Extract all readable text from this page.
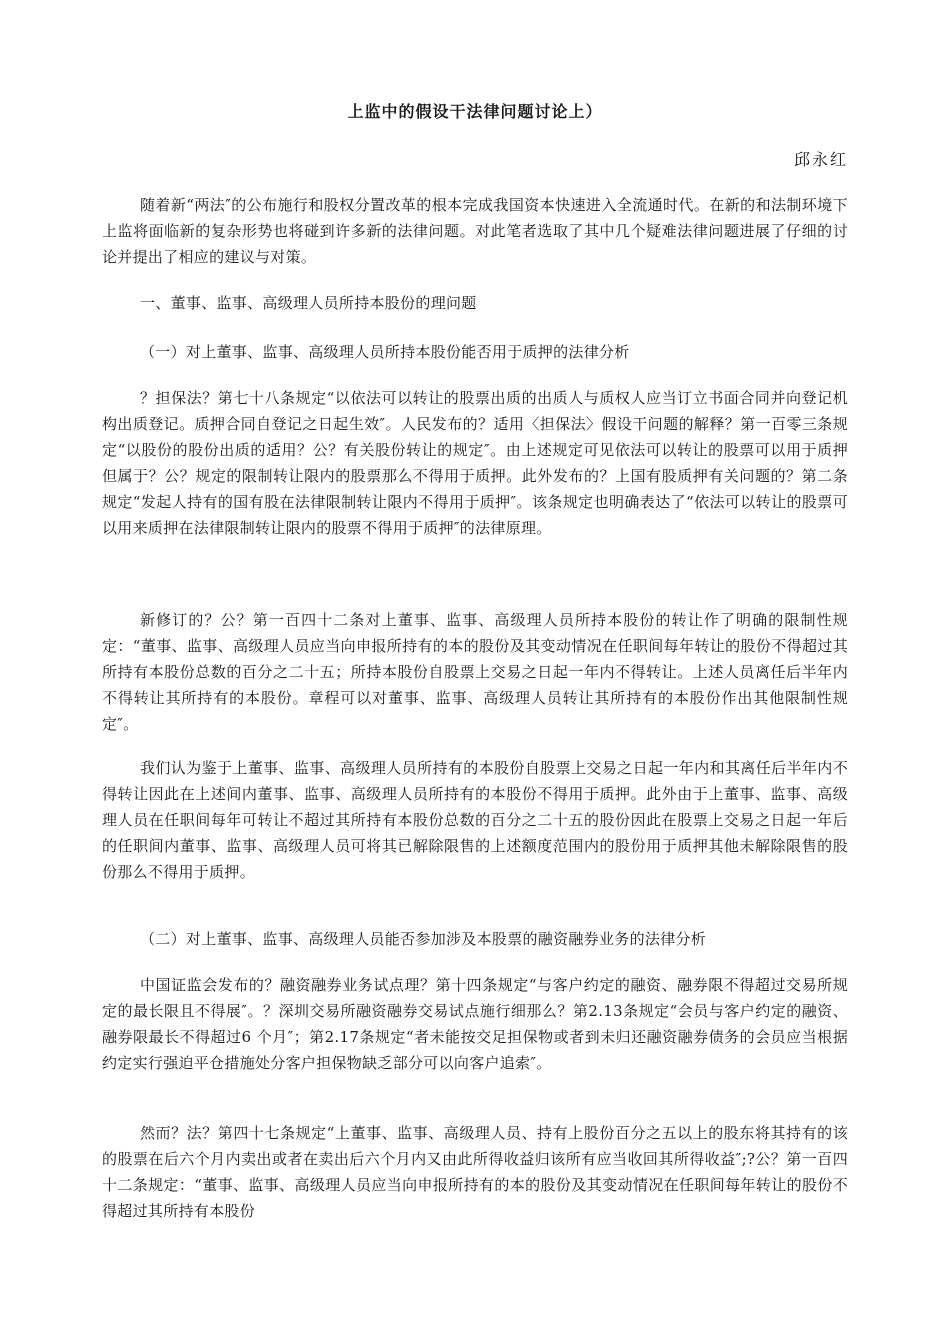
上监中的假设干法律问题讨论上）

邱永红

随着新“两法″的公布施行和股权分置改革的根本完成我国资本快速进入全流通时代。在新的和法制环境下上监将面临新的复杂形势也将碰到许多新的法律问题。对此笔者选取了其中几个疑难法律问题进展了仔细的讨论并提出了相应的建议与对策。

一、董事、监事、高级理人员所持本股份的理问题

（一）对上董事、监事、高级理人员所持本股份能否用于质押的法律分析

？担保法？第七十八条规定“以依法可以转让的股票出质的出质人与质权人应当订立书面合同并向登记机构出质登记。质押合同自登记之日起生效″。人民发布的？适用〈担保法〉假设干问题的解释？第一百零三条规定“以股份的股份出质的适用？公？有关股份转让的规定″。由上述规定可见依法可以转让的股票可以用于质押但属于？公？规定的限制转让限内的股票那么不得用于质押。此外发布的？上国有股质押有关问题的？第二条规定“发起人持有的国有股在法律限制转让限内不得用于质押″。该条规定也明确表达了“依法可以转让的股票可以用来质押在法律限制转让限内的股票不得用于质押″的法律原理。

新修订的？公？第一百四十二条对上董事、监事、高级理人员所持本股份的转让作了明确的限制性规定：“董事、监事、高级理人员应当向申报所持有的本的股份及其变动情况在任职间每年转让的股份不得超过其所持有本股份总数的百分之二十五；所持本股份自股票上交易之日起一年内不得转让。上述人员离任后半年内不得转让其所持有的本股份。章程可以对董事、监事、高级理人员转让其所持有的本股份作出其他限制性规定″。

我们认为鉴于上董事、监事、高级理人员所持有的本股份自股票上交易之日起一年内和其离任后半年内不得转让因此在上述间内董事、监事、高级理人员所持有的本股份不得用于质押。此外由于上董事、监事、高级理人员在任职间每年可转让不超过其所持有本股份总数的百分之二十五的股份因此在股票上交易之日起一年后的任职间内董事、监事、高级理人员可将其已解除限售的上述额度范围内的股份用于质押其他未解除限售的股份那么不得用于质押。

（二）对上董事、监事、高级理人员能否参加涉及本股票的融资融券业务的法律分析

中国证监会发布的？融资融券业务试点理？第十四条规定“与客户约定的融资、融券限不得超过交易所规定的最长限且不得展″。？深圳交易所融资融券交易试点施行细那么？第2.13条规定“会员与客户约定的融资、融券限最长不得超过6 个月″；第2.17条规定“者未能按交足担保物或者到未归还融资融券债务的会员应当根据约定实行强迫平仓措施处分客户担保物缺乏部分可以向客户追索″。

然而？法？第四十七条规定“上董事、监事、高级理人员、持有上股份百分之五以上的股东将其持有的该的股票在后六个月内卖出或者在卖出后六个月内又由此所得收益归该所有应当收回其所得收益″;?公？第一百四十二条规定：“董事、监事、高级理人员应当向申报所持有的本的股份及其变动情况在任职间每年转让的股份不得超过其所持有本股份
